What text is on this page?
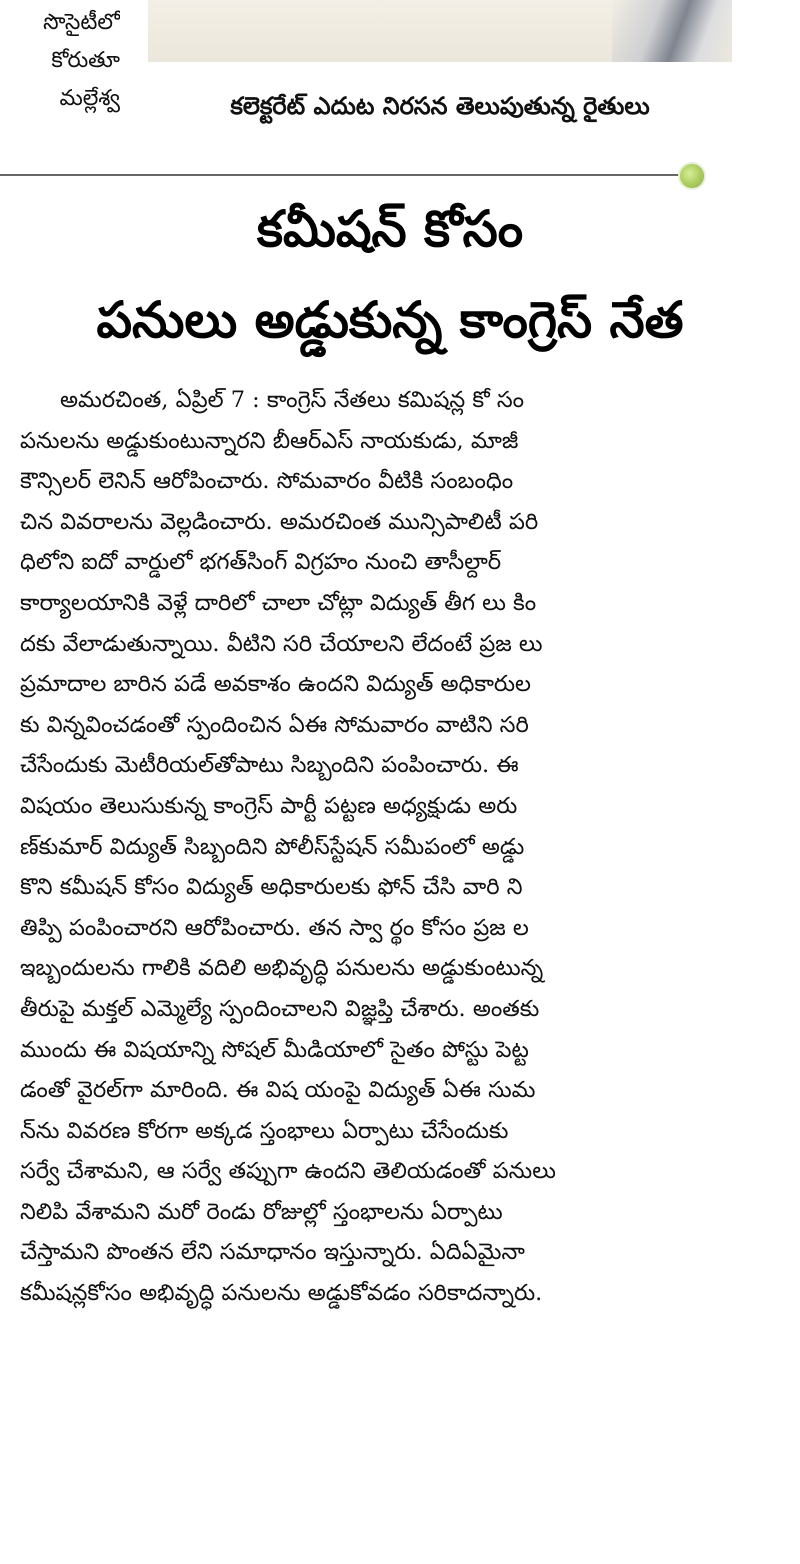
సొసైటీలో
కోరుతూ
మల్లేశ్వ	కలెక్టరేట్ ఎదుట నిరసన తెలుపుతున్న రైతులు
కమీషన్ కోసం
పనులు అడ్డుకున్న కాంగ్రెస్ నేత
అమరచింత, ఏప్రిల్ 7 : కాంగ్రెస్ నేతలు కమిషన్ల కో సం
పనులను అడ్డుకుంటున్నారని బీఆర్‌ఎస్ నాయకుడు, మాజీ
కౌన్సిలర్ లెనిన్ ఆరోపించారు. సోమవారం వీటికి సంబంధిం
చిన వివరాలను వెల్లడించారు. అమరచింత మున్సిపాలిటీ పరి
ధిలోని ఐదో వార్డులో భగత్‌సింగ్ విగ్రహం నుంచి తాసీల్దార్
కార్యాలయానికి వెళ్లే దారిలో చాలా చోట్లా విద్యుత్ తీగ లు కిం
దకు వేలాడుతున్నాయి. వీటిని సరి చేయాలని లేదంటే ప్రజ లు
ప్రమాదాల బారిన పడే అవకాశం ఉందని విద్యుత్ అధికారుల
కు విన్నవించడంతో స్పందించిన ఏఈ సోమవారం వాటిని సరి
చేసేందుకు మెటీరియల్‌తోపాటు సిబ్బందిని పంపించారు. ఈ
విషయం తెలుసుకున్న కాంగ్రెస్ పార్టీ పట్టణ అధ్యక్షుడు అరు
ణ్‌కుమార్ విద్యుత్ సిబ్బందిని పోలీస్‌స్టేషన్ సమీపంలో అడ్డు
కొని కమీషన్ కోసం విద్యుత్ అధికారులకు ఫోన్ చేసి వారి ని
తిప్పి పంపించారని ఆరోపించారు. తన స్వా ర్థం కోసం ప్రజ ల
ఇబ్బందులను గాలికి వదిలి అభివృద్ధి పనులను అడ్డుకుంటున్న
తీరుపై మక్తల్ ఎమ్మెల్యే స్పందించాలని విజ్ఞప్తి చేశారు. అంతకు
ముందు ఈ విషయాన్ని సోషల్ మీడియాలో సైతం పోస్టు పెట్ట
డంతో వైరల్‌గా మారింది. ఈ విష యంపై విద్యుత్ ఏఈ సుమ
న్‌ను వివరణ కోరగా అక్కడ స్తంభాలు ఏర్పాటు చేసేందుకు
సర్వే చేశామని, ఆ సర్వే తప్పుగా ఉందని తెలియడంతో పనులు
నిలిపి వేశామని మరో రెండు రోజుల్లో స్తంభాలను ఏర్పాటు
చేస్తామని పొంతన లేని సమాధానం ఇస్తున్నారు. ఏదిఏమైనా
కమీషన్లకోసం అభివృద్ధి పనులను అడ్డుకోవడం సరికాదన్నారు.
